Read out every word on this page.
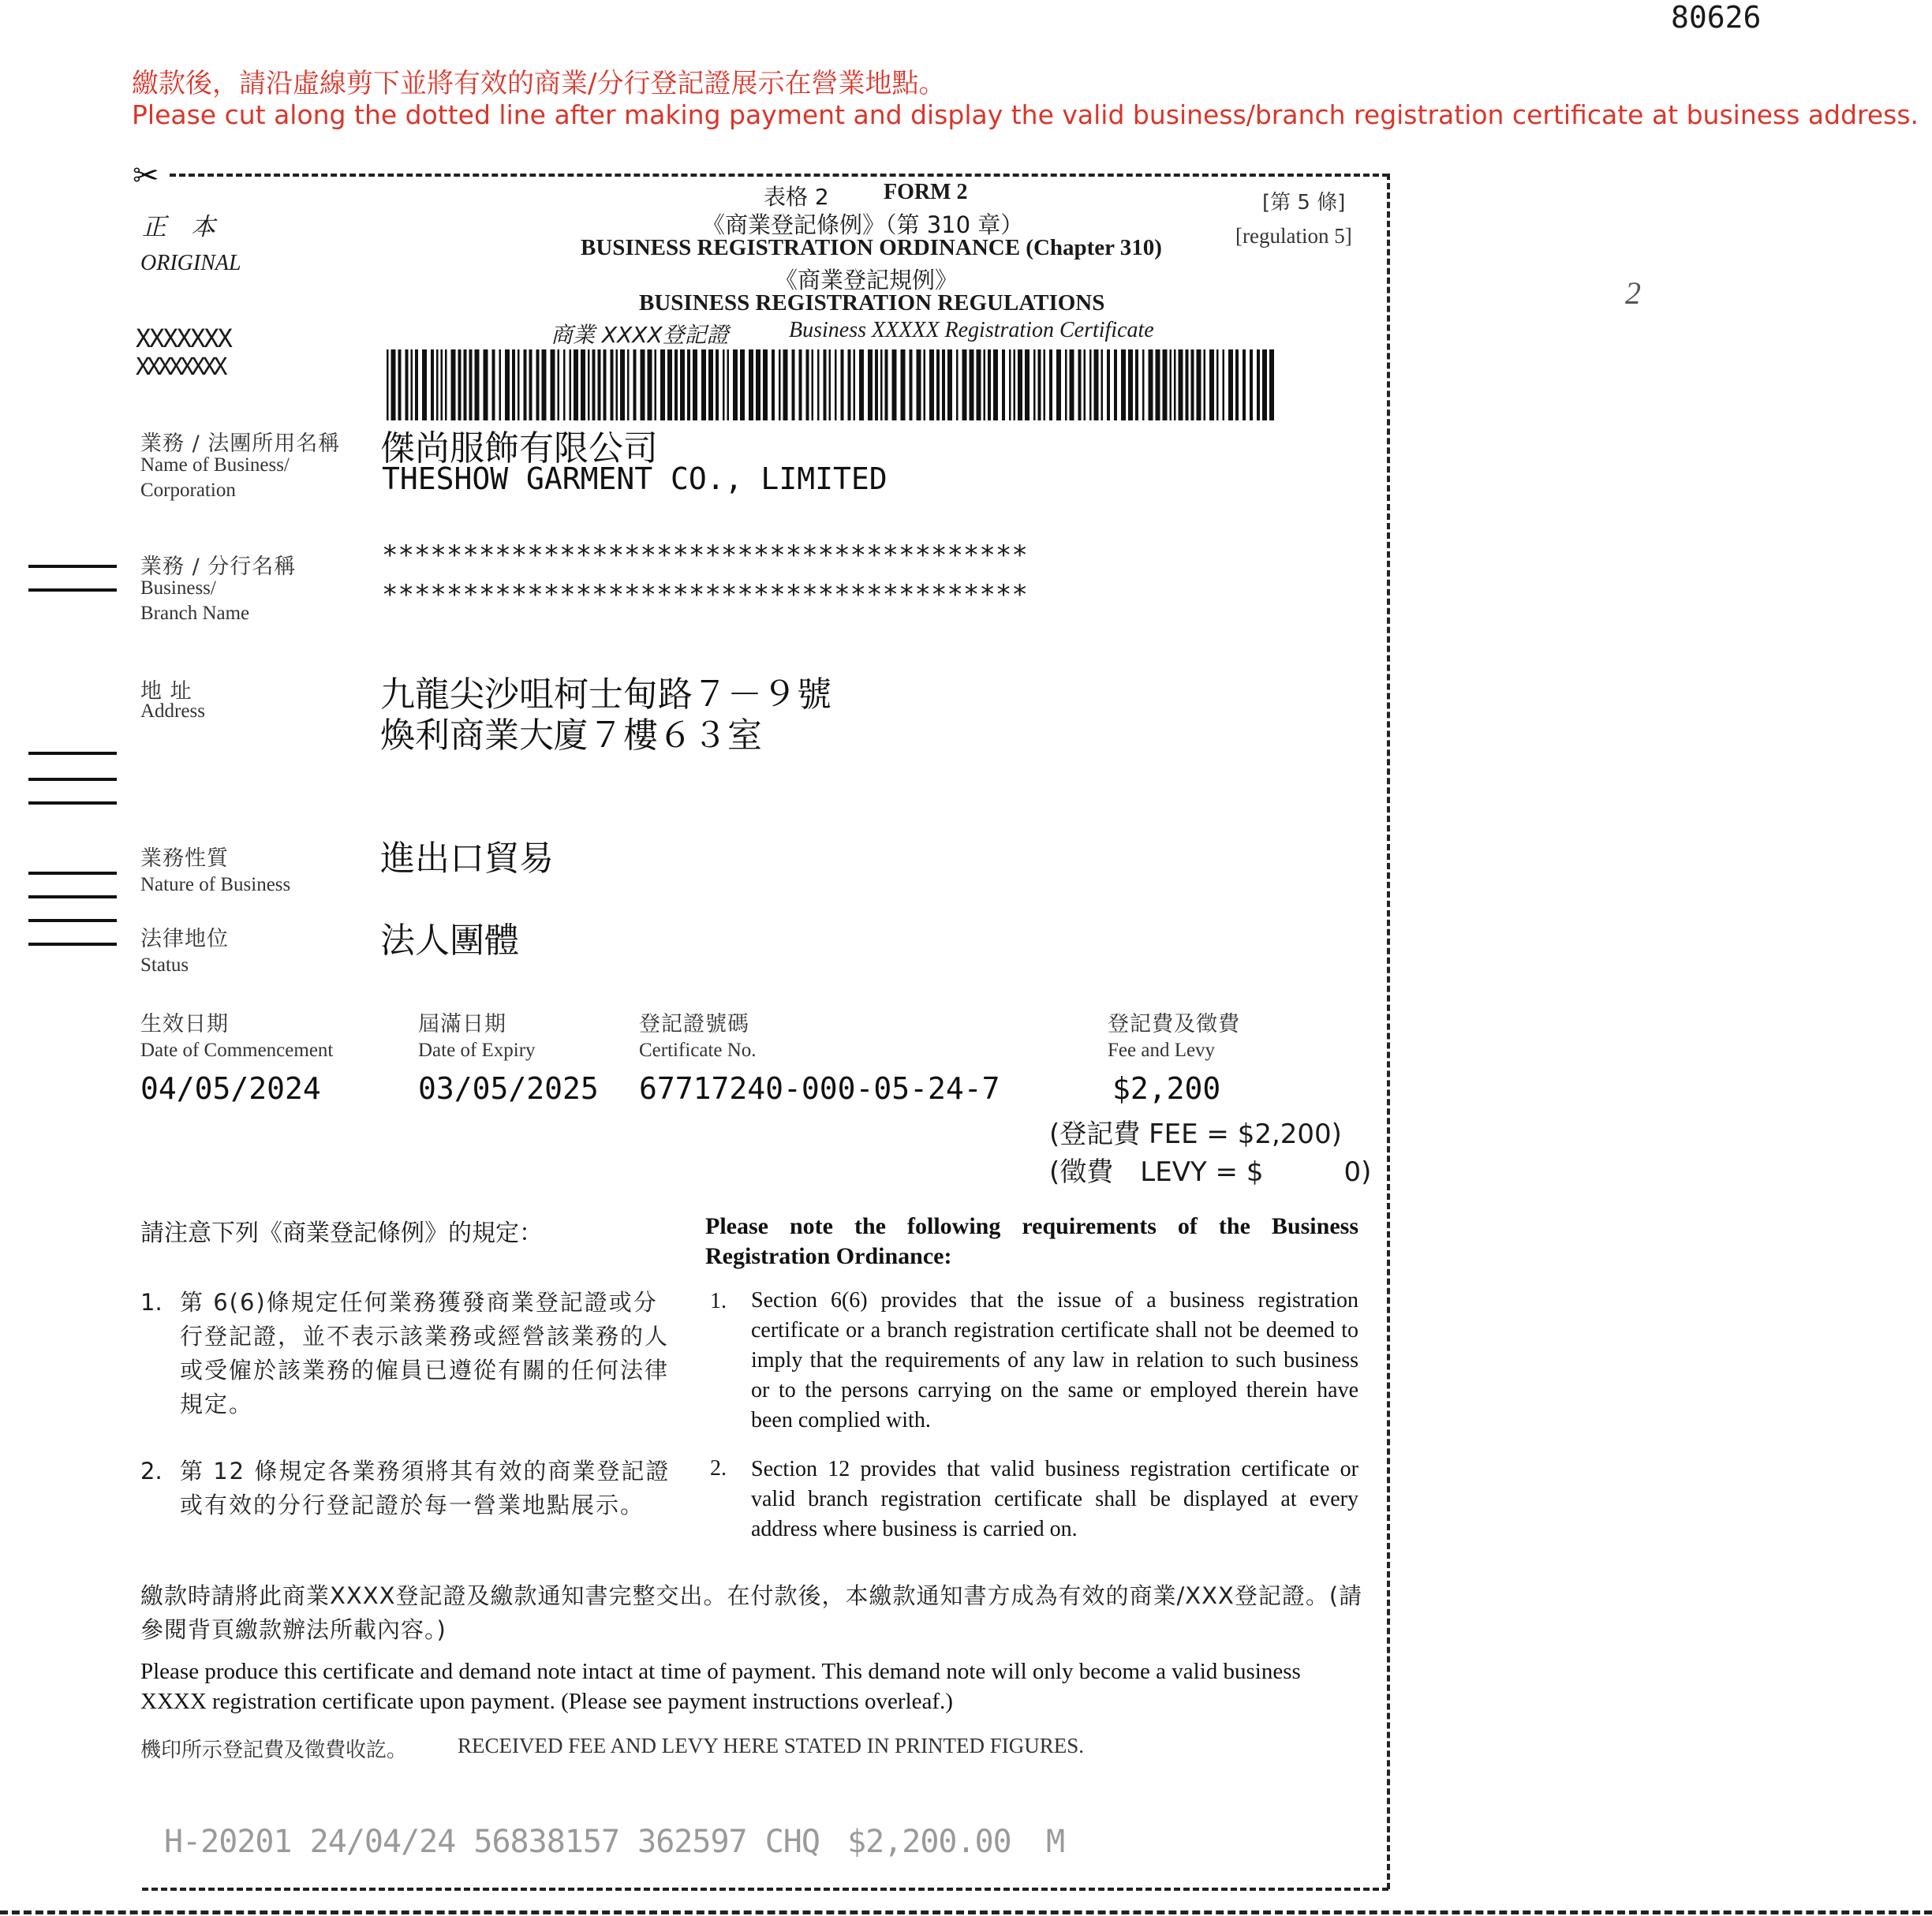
80626
繳款後，請沿虛線剪下並將有效的商業/分行登記證展示在營業地點。
Please cut along the dotted line after making payment and display the valid business/branch registration certificate at business address.
✂
2
表格 2 FORM 2
《商業登記條例》（第 310 章）
BUSINESS REGISTRATION ORDINANCE (Chapter 310)
《商業登記規例》
BUSINESS REGISTRATION REGULATIONS
商業 XXXX登記證	Business XXXXX Registration Certificate
[第 5 條]
[regulation 5]
正　本
ORIGINAL
XXXXXXX
XXXXXXXX
業務 / 法團所用名稱
Name of Business/
Corporation
傑尚服飾有限公司
THESHOW GARMENT CO., LIMITED
業務 / 分行名稱
Business/
Branch Name
****************************************
****************************************
地 址
Address	九龍尖沙咀柯士甸路７－９號
煥利商業大廈７樓６３室
業務性質
Nature of Business
進出口貿易
法律地位
Status
法人團體
生效日期
Date of Commencement
04/05/2024
屆滿日期
Date of Expiry
03/05/2025
登記證號碼
Certificate No.
67717240-000-05-24-7
登記費及徵費
Fee and Levy
$2,200
(登記費 FEE = $2,200)
(徵費　LEVY = $　　　0)
請注意下列《商業登記條例》的規定：	Please note the following requirements of the Business Registration Ordinance:
1. 第 6(6)條規定任何業務獲發商業登記證或分行登記證，並不表示該業務或經營該業務的人或受僱於該業務的僱員已遵從有關的任何法律規定。
1. Section 6(6) provides that the issue of a business registration certificate or a branch registration certificate shall not be deemed to imply that the requirements of any law in relation to such business or to the persons carrying on the same or employed therein have been complied with.
2. 第 12 條規定各業務須將其有效的商業登記證或有效的分行登記證於每一營業地點展示。
2. Section 12 provides that valid business registration certificate or valid branch registration certificate shall be displayed at every address where business is carried on.
繳款時請將此商業XXXX登記證及繳款通知書完整交出。在付款後，本繳款通知書方成為有效的商業/XXX登記證。(請參閱背頁繳款辦法所載內容。)
Please produce this certificate and demand note intact at time of payment. This demand note will only become a valid business XXXX registration certificate upon payment. (Please see payment instructions overleaf.)
機印所示登記費及徵費收訖。 RECEIVED FEE AND LEVY HERE STATED IN PRINTED FIGURES.
H-20201 24/04/24 56838157 362597 CHQ $2,200.00 M
